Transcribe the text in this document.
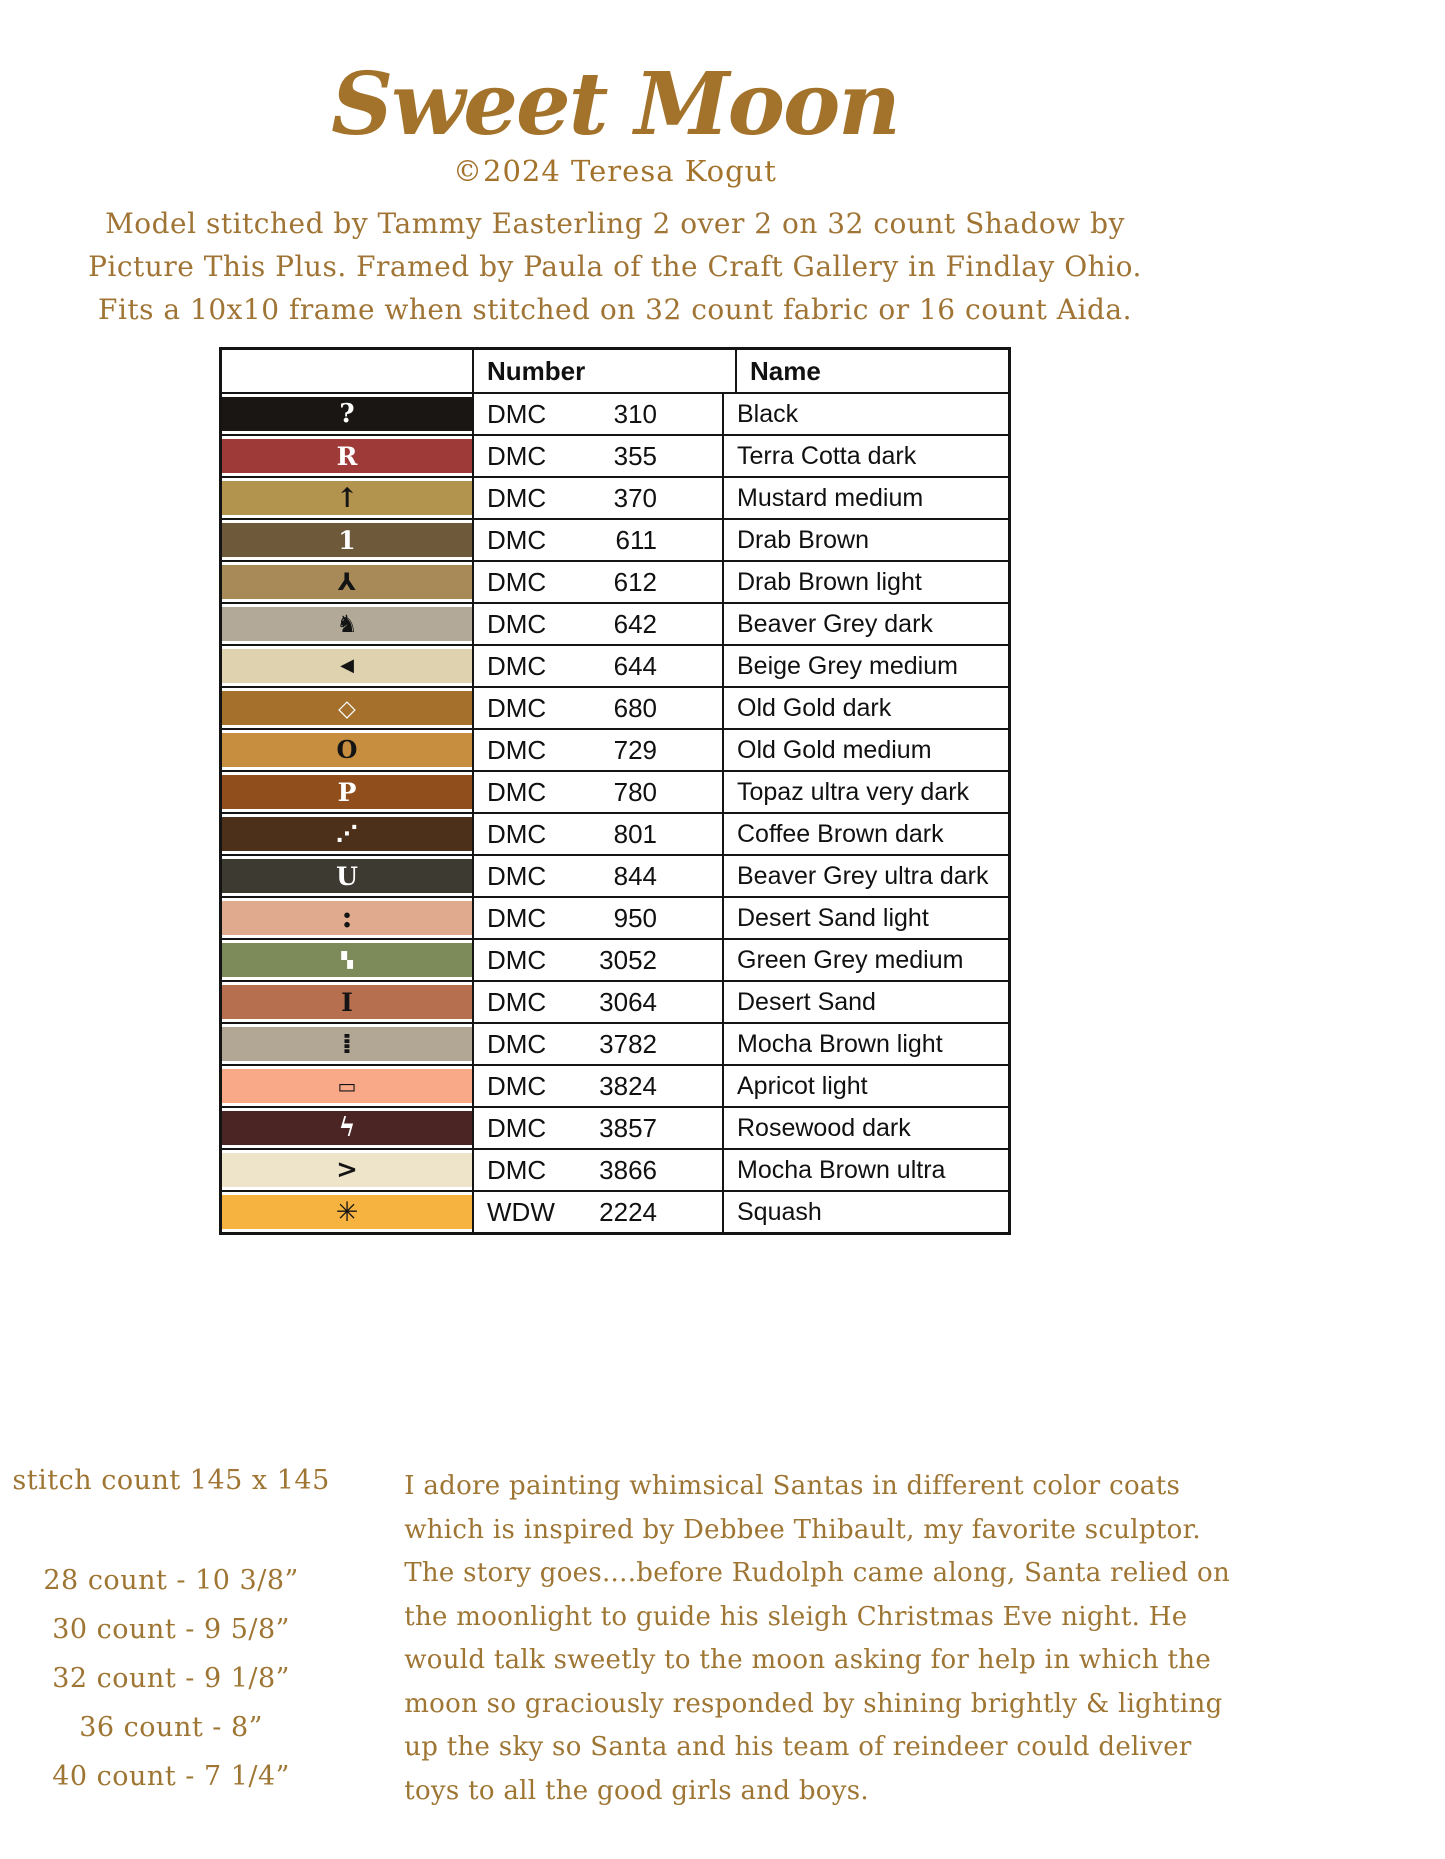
Sweet Moon
©2024 Teresa Kogut
Model stitched by Tammy Easterling 2 over 2 on 32 count Shadow by
Picture This Plus. Framed by Paula of the Craft Gallery in Findlay Ohio.
Fits a 10x10 frame when stitched on 32 count fabric or 16 count Aida.
Number	Name
?	DMC	310	Black
R	DMC	355	Terra Cotta dark
↑	DMC	370	Mustard medium
1	DMC	611	Drab Brown
⅄	DMC	612	Drab Brown light
♞	DMC	642	Beaver Grey dark
◀	DMC	644	Beige Grey medium
◇	DMC	680	Old Gold dark
O	DMC	729	Old Gold medium
P	DMC	780	Topaz ultra very dark
⋰	DMC	801	Coffee Brown dark
U	DMC	844	Beaver Grey ultra dark
:	DMC	950	Desert Sand light
▚	DMC	3052	Green Grey medium
I	DMC	3064	Desert Sand
⁞	DMC	3782	Mocha Brown light
▭	DMC	3824	Apricot light
ϟ	DMC	3857	Rosewood dark
>	DMC	3866	Mocha Brown ultra
✳	WDW	2224	Squash
stitch count 145 x 145
28 count - 10 3/8”
30 count - 9 5/8”
32 count - 9 1/8”
36 count - 8”
40 count - 7 1/4”
I adore painting whimsical Santas in different color coats
which is inspired by Debbee Thibault, my favorite sculptor.
The story goes....before Rudolph came along, Santa relied on
the moonlight to guide his sleigh Christmas Eve night. He
would talk sweetly to the moon asking for help in which the
moon so graciously responded by shining brightly & lighting
up the sky so Santa and his team of reindeer could deliver
toys to all the good girls and boys.
